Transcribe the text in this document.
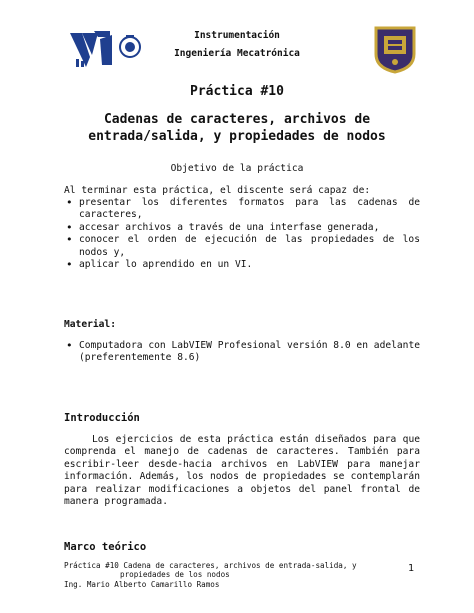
Instrumentación
Ingeniería Mecatrónica
Práctica #10
Cadenas de caracteres, archivos de
entrada/salida, y propiedades de nodos
Objetivo de la práctica
Al terminar esta práctica, el discente será capaz de:
• presentar los diferentes formatos para las cadenas de caracteres,
• accesar archivos a través de una interfase generada,
• conocer el orden de ejecución de las propiedades de los nodos y,
• aplicar lo aprendido en un VI.
Material:
• Computadora con LabVIEW Profesional versión 8.0 en adelante (preferentemente 8.6)
Introducción
Los ejercicios de esta práctica están diseñados para que comprenda el manejo de cadenas de caracteres. También para escribir-leer desde-hacia archivos en LabVIEW para manejar información. Además, los nodos de propiedades se contemplarán para realizar modificaciones a objetos del panel frontal de manera programada.
Marco teórico
Práctica #10 Cadena de caracteres, archivos de entrada-salida, y
propiedades de los nodos
Ing. Mario Alberto Camarillo Ramos
1
